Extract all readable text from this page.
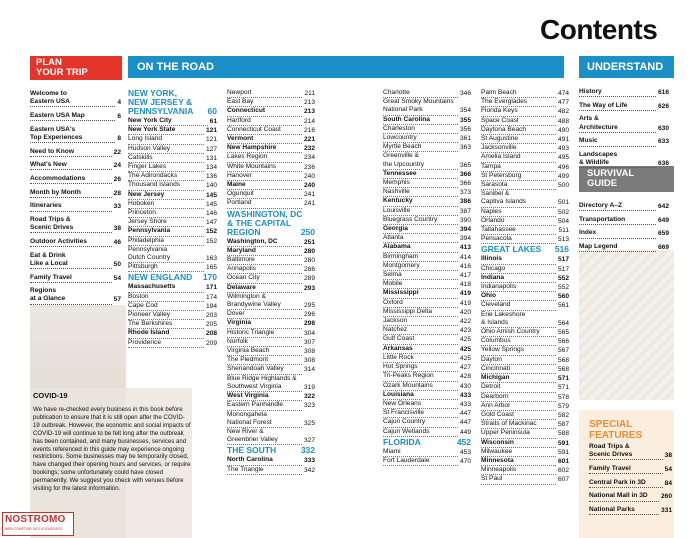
Contents
PLAN
YOUR TRIP	ON THE ROAD	UNDERSTAND
SURVIVAL
GUIDE
SPECIAL
FEATURES
Welcome to
Eastern USA	4
Eastern USA Map	6
Eastern USA's
Top Experiences	8
Need to Know	22
What's New	24
Accommodations	26
Month by Month	28
Itineraries	33
Road Trips &
Scenic Drives	38
Outdoor Activities	46
Eat & Drink
Like a Local	50
Family Travel	54
Regions
at a Glance	57
NEW YORK,
NEW JERSEY &
PENNSYLVANIA	60
New York City	61
New York State	121
Long Island	121
Hudson Valley	127
Catskills	131
Finger Lakes	134
The Adirondacks	136
Thousand Islands	140
New Jersey	145
Hoboken	145
Princeton	146
Jersey Shore	147
Pennsylvania	152
Philadelphia	152
Pennsylvania
Dutch Country	163
Pittsburgh	165
NEW ENGLAND	170
Massachusetts	171
Boston	174
Cape Cod	194
Pioneer Valley	203
The Berkshires	205
Rhode Island	208
Providence	209
Newport	211
East Bay	213
Connecticut	213
Hartford	214
Connecticut Coast	216
Vermont	221
New Hampshire	232
Lakes Region	234
White Mountains	236
Hanover	240
Maine	240
Ogunquit	241
Portland	241
WASHINGTON, DC
& THE CAPITAL
REGION	250
Washington, DC	251
Maryland	280
Baltimore	280
Annapolis	286
Ocean City	289
Delaware	293
Wilmington &
Brandywine Valley	295
Dover	296
Virginia	298
Historic Triangle	304
Norfolk	307
Virginia Beach	308
The Piedmont	308
Shenandoah Valley	314
Blue Ridge Highlands &
Southwest Virginia	319
West Virginia	322
Eastern Panhandle	323
Monongahela
National Forest	325
New River &
Greenbrier Valley	327
THE SOUTH	332
North Carolina	333
The Triangle	342
Charlotte	346
Great Smoky Mountains
National Park	354
South Carolina	355
Charleston	356
Lowcountry	361
Myrtle Beach	363
Greenville &
the Upcountry	365
Tennessee	366
Memphis	366
Nashville	373
Kentucky	386
Louisville	387
Bluegrass Country	390
Georgia	394
Atlanta	394
Alabama	413
Birmingham	414
Montgomery	416
Selma	417
Mobile	418
Mississippi	419
Oxford	419
Mississippi Delta	420
Jackson	422
Natchez	423
Gulf Coast	425
Arkansas	425
Little Rock	425
Hot Springs	427
Tri-Peaks Region	428
Ozark Mountains	430
Louisiana	433
New Orleans	433
St Francisville	447
Cajun Country	447
Cajun Wetlands	449
FLORIDA	452
Miami	453
Fort Lauderdale	470
Palm Beach	474
The Everglades	477
Florida Keys	482
Space Coast	488
Daytona Beach	490
St Augustine	491
Jacksonville	493
Amelia Island	495
Tampa	496
St Petersburg	499
Sarasota	500
Sanibel &
Captiva Islands	501
Naples	502
Orlando	504
Tallahassee	511
Pensacola	513
GREAT LAKES	516
Illinois	517
Chicago	517
Indiana	552
Indianapolis	552
Ohio	560
Cleveland	561
Erie Lakeshore
& Islands	564
Ohio Amish Country	565
Columbus	566
Yellow Springs	567
Dayton	568
Cincinnati	568
Michigan	571
Detroit	571
Dearborn	578
Ann Arbor	579
Gold Coast	582
Straits of Mackinac	587
Upper Peninsula	588
Wisconsin	591
Milwaukee	591
Minnesota	601
Minneapolis	602
St Paul	607
History	616
The Way of Life	626
Arts &
Architecture	630
Music	633
Landscapes
& Wildlife	636
Directory A–Z	642
Transportation	649
Index	659
Map Legend	669
Road Trips &
Scenic Drives	38
Family Travel	54
Central Park in 3D	84
National Mall in 3D	260
National Parks	331
COVID-19
We have re-checked every business in this book before publication to ensure that it is still open after the COVID-19 outbreak. However, the economic and social impacts of COVID-19 will continue to be felt long after the outbreak has been contained, and many businesses, services and events referenced in this guide may experience ongoing restrictions. Some businesses may be temporarily closed, have changed their opening hours and services, or require bookings; some unfortunately could have closed permanently. We suggest you check with venues before visiting for the latest information.
NOSTROMO
WEB COMPTOIR DES VOYAGEURS
